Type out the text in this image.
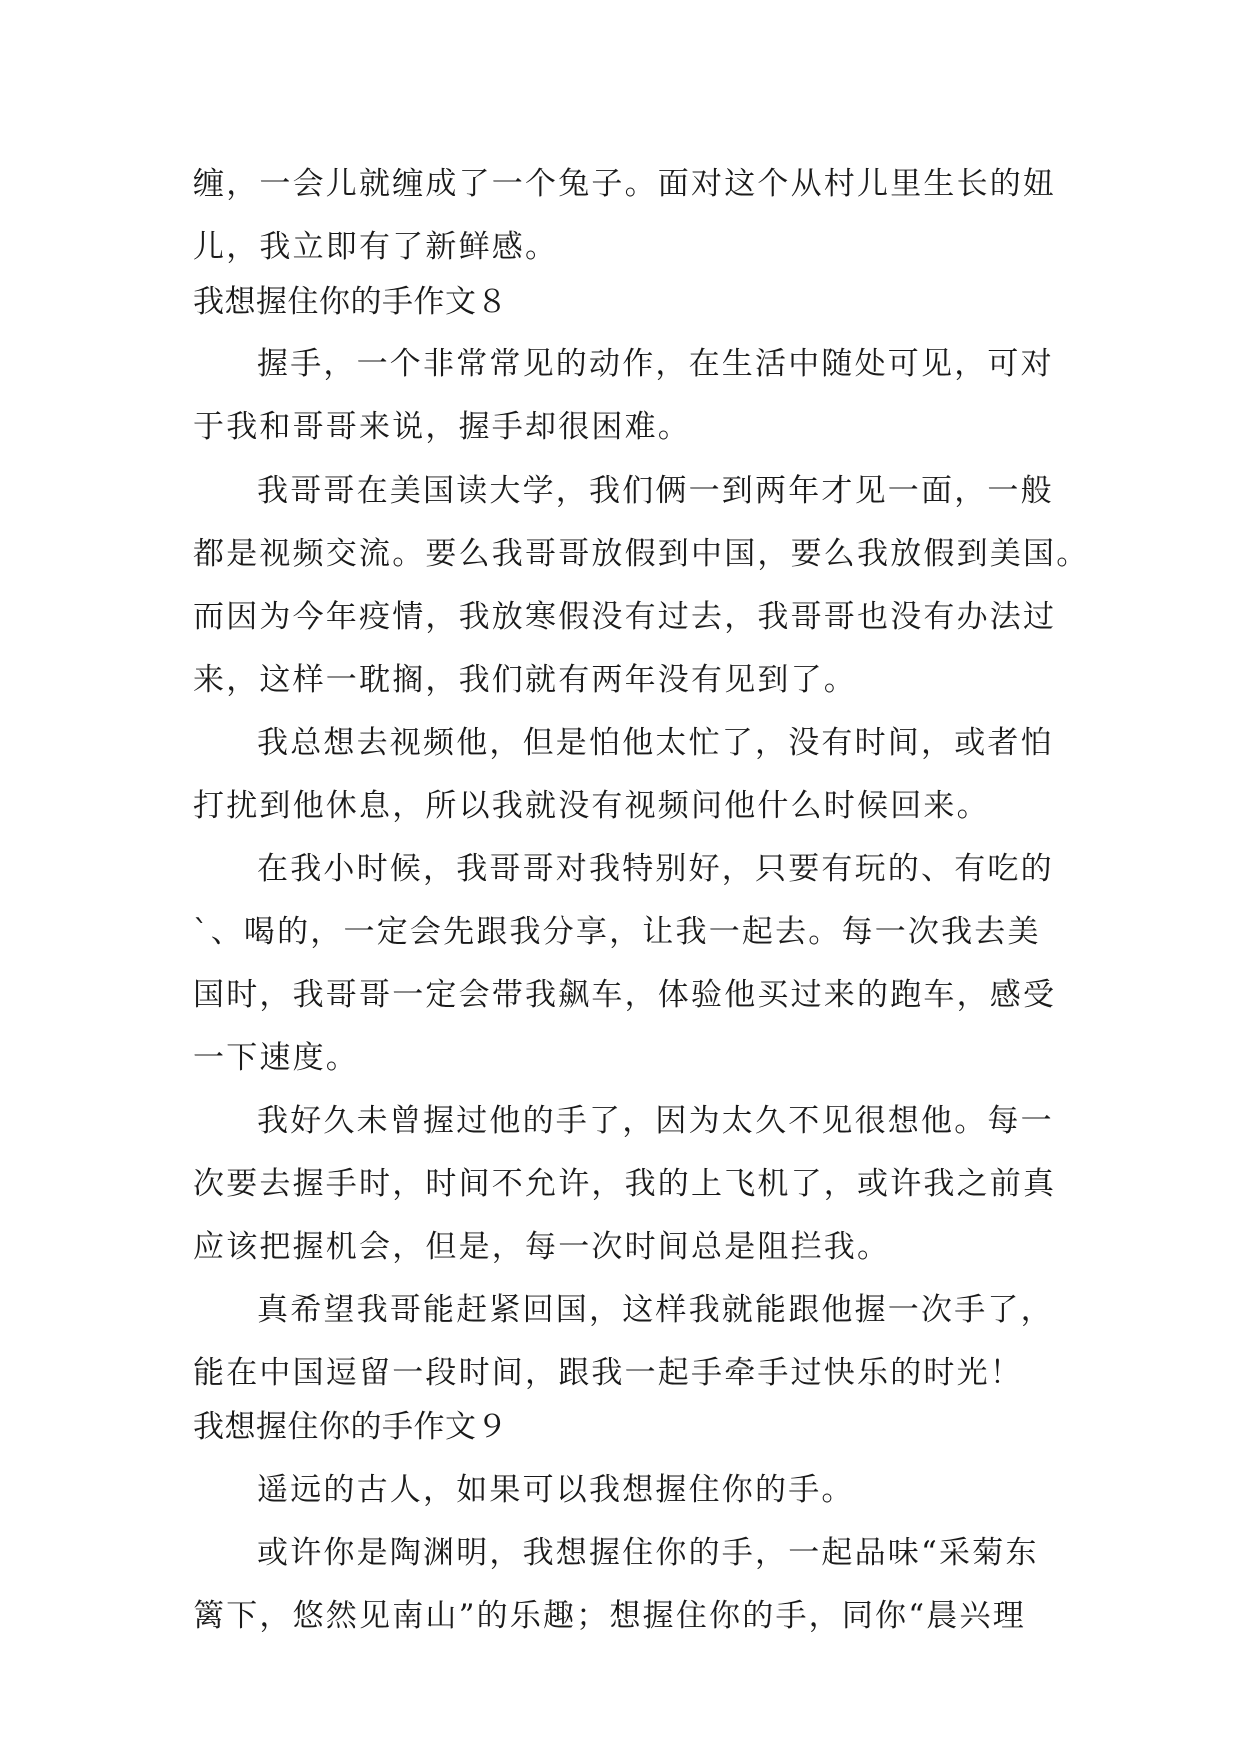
缠，一会儿就缠成了一个兔子。面对这个从村儿里生长的妞
儿，我立即有了新鲜感。
我想握住你的手作文８
握手，一个非常常见的动作，在生活中随处可见，可对
于我和哥哥来说，握手却很困难。
我哥哥在美国读大学，我们俩一到两年才见一面，一般
都是视频交流。要么我哥哥放假到中国，要么我放假到美国。
而因为今年疫情，我放寒假没有过去，我哥哥也没有办法过
来，这样一耽搁，我们就有两年没有见到了。
我总想去视频他，但是怕他太忙了，没有时间，或者怕
打扰到他休息，所以我就没有视频问他什么时候回来。
在我小时候，我哥哥对我特别好，只要有玩的、有吃的
`、喝的，一定会先跟我分享，让我一起去。每一次我去美
国时，我哥哥一定会带我飙车，体验他买过来的跑车，感受
一下速度。
我好久未曾握过他的手了，因为太久不见很想他。每一
次要去握手时，时间不允许，我的上飞机了，或许我之前真
应该把握机会，但是，每一次时间总是阻拦我。
真希望我哥能赶紧回国，这样我就能跟他握一次手了，
能在中国逗留一段时间，跟我一起手牵手过快乐的时光！
我想握住你的手作文９
遥远的古人，如果可以我想握住你的手。
或许你是陶渊明，我想握住你的手，一起品味“采菊东
篱下，悠然见南山”的乐趣；想握住你的手，同你“晨兴理
